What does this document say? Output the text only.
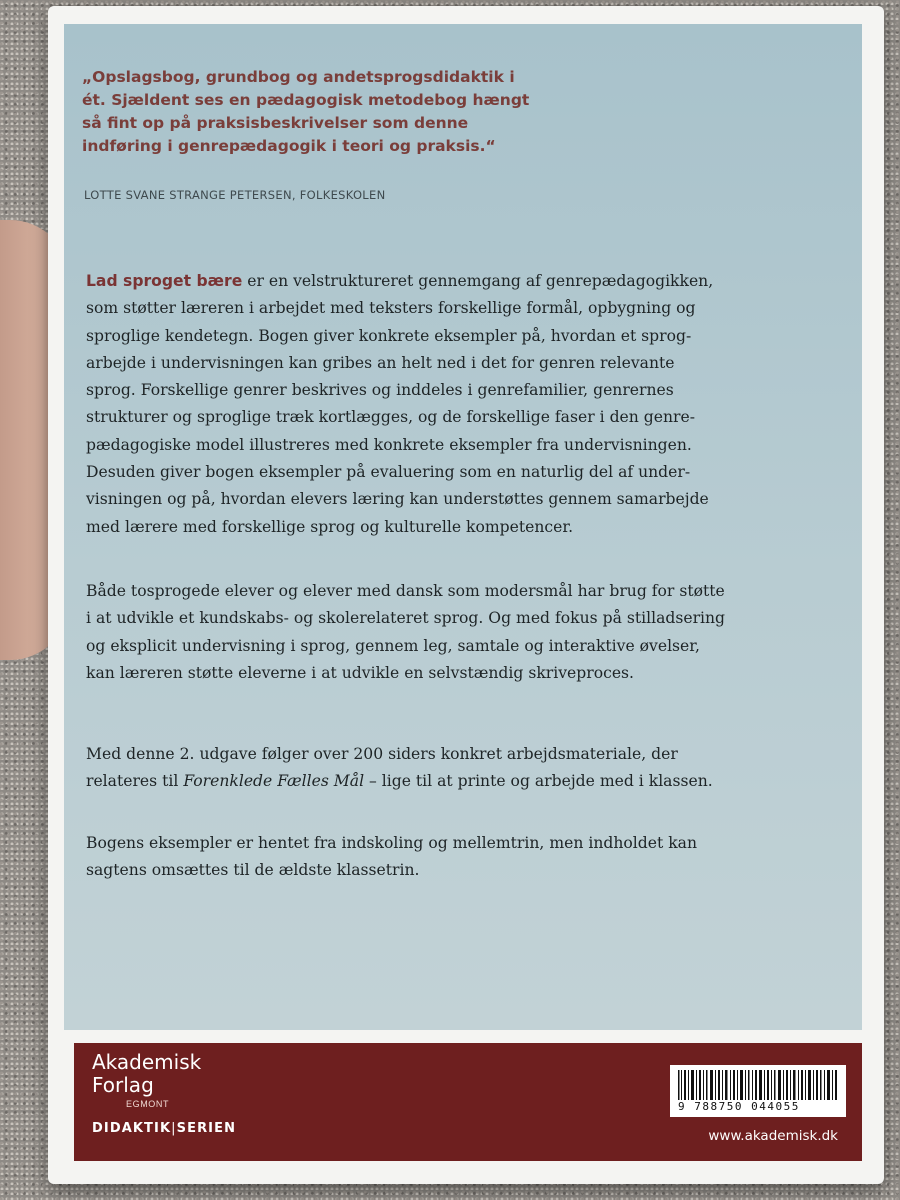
„Opslagsbog, grundbog og andetsprogsdidaktik i ét. Sjældent ses en pædagogisk metodebog hængt så fint op på praksisbeskrivelser som denne indføring i genrepædagogik i teori og praksis.“

LOTTE SVANE STRANGE PETERSEN, FOLKESKOLEN

Lad sproget bære er en velstruktureret gennemgang af genrepædagogikken, som støtter læreren i arbejdet med teksters forskellige formål, opbygning og sproglige kendetegn. Bogen giver konkrete eksempler på, hvordan et sprogarbejde i undervisningen kan gribes an helt ned i det for genren relevante sprog. Forskellige genrer beskrives og inddeles i genrefamilier, genrernes strukturer og sproglige træk kortlægges, og de forskellige faser i den genrepædagogiske model illustreres med konkrete eksempler fra undervisningen. Desuden giver bogen eksempler på evaluering som en naturlig del af undervisningen og på, hvordan elevers læring kan understøttes gennem samarbejde med lærere med forskellige sprog og kulturelle kompetencer.

Både tosprogede elever og elever med dansk som modersmål har brug for støtte i at udvikle et kundskabs- og skolerelateret sprog. Og med fokus på stilladsering og eksplicit undervisning i sprog, gennem leg, samtale og interaktive øvelser, kan læreren støtte eleverne i at udvikle en selvstændig skriveproces.

Med denne 2. udgave følger over 200 siders konkret arbejdsmateriale, der relateres til Forenklede Fælles Mål – lige til at printe og arbejde med i klassen.

Bogens eksempler er hentet fra indskoling og mellemtrin, men indholdet kan sagtens omsættes til de ældste klassetrin.

Akademisk

Forlag

EGMONT

DIDAKTIK|SERIEN	www.akademisk.dk

9 788750 044055
